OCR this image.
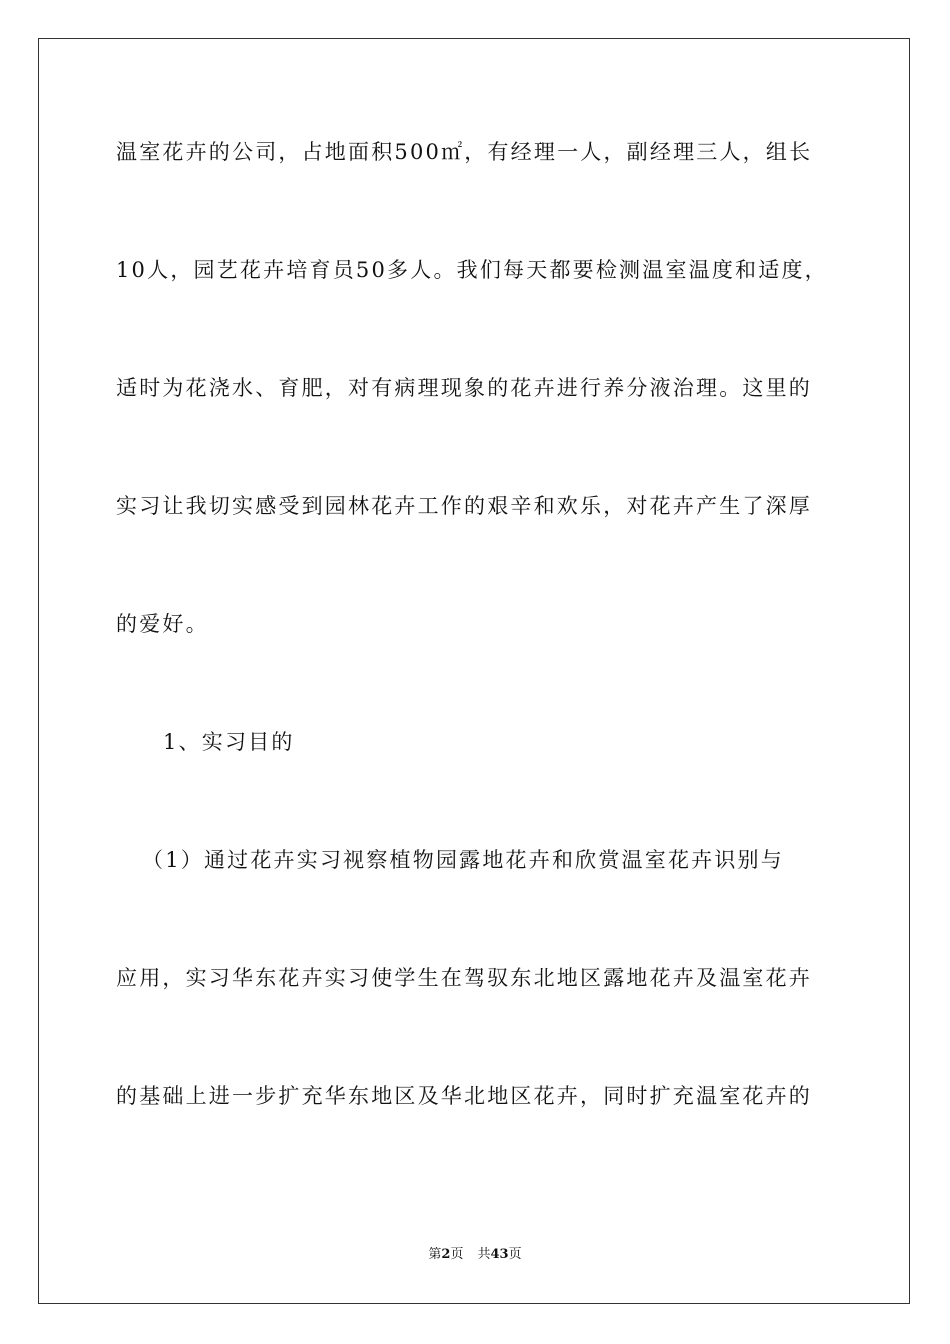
温室花卉的公司，占地面积500㎡，有经理一人，副经理三人，组长
10人，园艺花卉培育员50多人。我们每天都要检测温室温度和适度，
适时为花浇水、育肥，对有病理现象的花卉进行养分液治理。这里的
实习让我切实感受到园林花卉工作的艰辛和欢乐，对花卉产生了深厚
的爱好。
1、实习目的
（1）通过花卉实习视察植物园露地花卉和欣赏温室花卉识别与
应用，实习华东花卉实习使学生在驾驭东北地区露地花卉及温室花卉
的基础上进一步扩充华东地区及华北地区花卉，同时扩充温室花卉的
第2页 共43页
